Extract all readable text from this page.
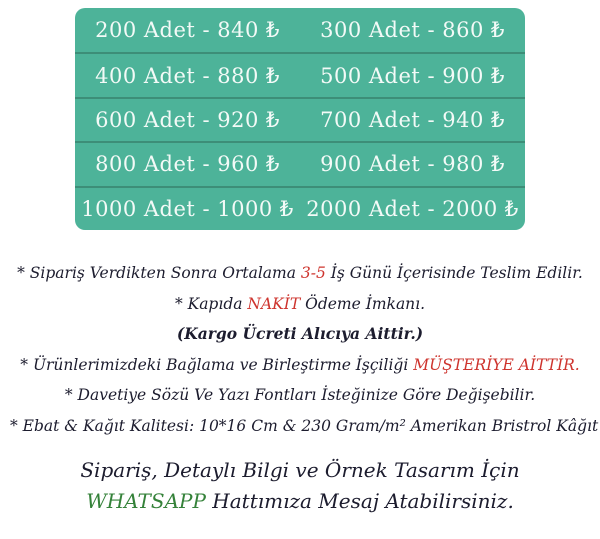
200 Adet - 840 ₺	300 Adet - 860 ₺
400 Adet - 880 ₺	500 Adet - 900 ₺
600 Adet - 920 ₺	700 Adet - 940 ₺
800 Adet - 960 ₺	900 Adet - 980 ₺
1000 Adet - 1000 ₺ 2000 Adet - 2000 ₺
* Sipariş Verdikten Sonra Ortalama 3-5 İş Günü İçerisinde Teslim Edilir.
* Kapıda NAKİT Ödeme İmkanı.
(Kargo Ücreti Alıcıya Aittir.)
* Ürünlerimizdeki Bağlama ve Birleştirme İşçiliği MÜŞTERİYE AİTTİR.
* Davetiye Sözü Ve Yazı Fontları İsteğinize Göre Değişebilir.
* Ebat & Kağıt Kalitesi: 10*16 Cm & 230 Gram/m² Amerikan Bristrol Kâğıt
Sipariş, Detaylı Bilgi ve Örnek Tasarım İçin
WHATSAPP Hattımıza Mesaj Atabilirsiniz.
